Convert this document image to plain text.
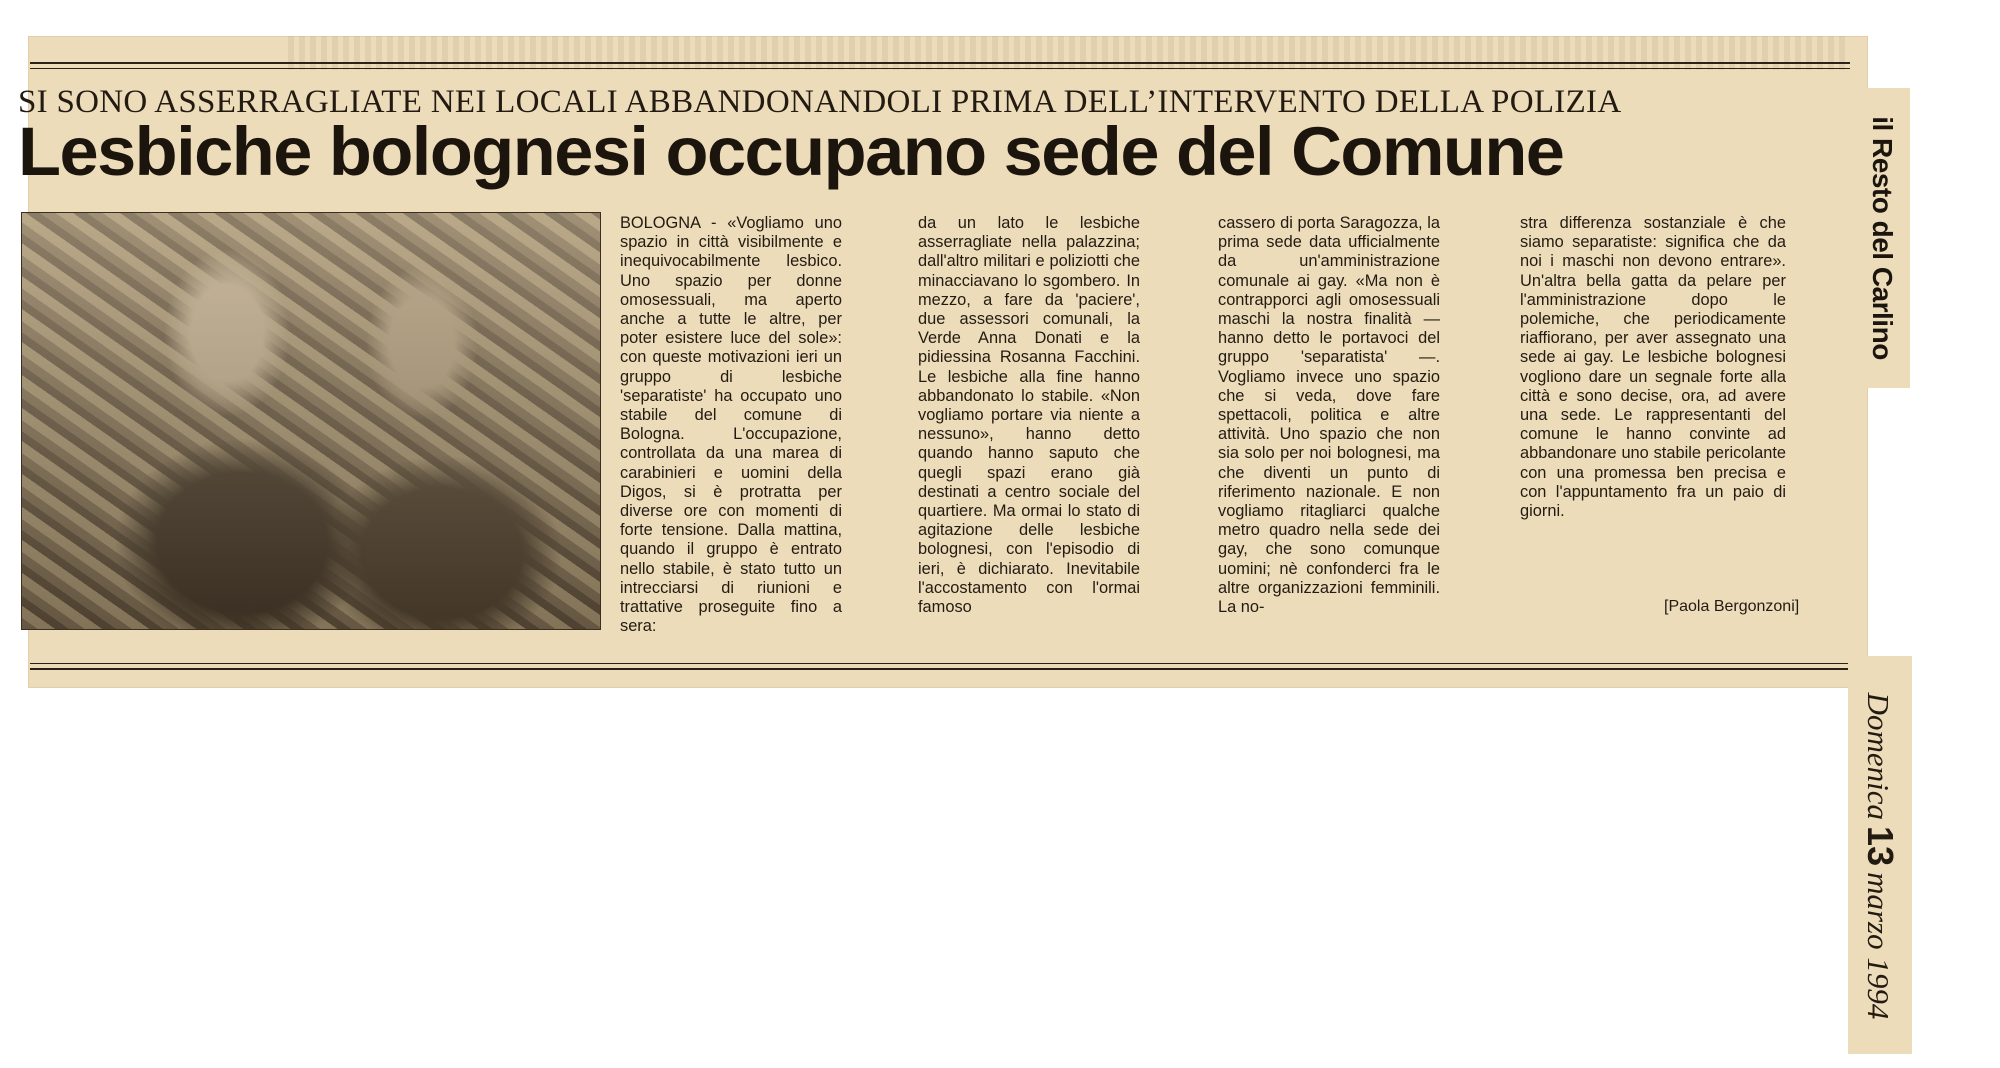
SI SONO ASSERRAGLIATE NEI LOCALI ABBANDONANDOLI PRIMA DELL’INTERVENTO DELLA POLIZIA
Lesbiche bolognesi occupano sede del Comune
BOLOGNA - «Vogliamo uno spazio in città visibilmente e inequivocabilmente lesbico. Uno spazio per donne omosessuali, ma aperto anche a tutte le altre, per poter esistere luce del sole»: con queste motivazioni ieri un gruppo di lesbiche 'separatiste' ha occupato uno stabile del comune di Bologna. L'occupazione, controllata da una marea di carabinieri e uomini della Digos, si è protratta per diverse ore con momenti di forte tensione. Dalla mattina, quando il gruppo è entrato nello stabile, è stato tutto un intrecciarsi di riunioni e trattative proseguite fino a sera:
da un lato le lesbiche asserragliate nella palazzina; dall'altro militari e poliziotti che minacciavano lo sgombero. In mezzo, a fare da 'paciere', due assessori comunali, la Verde Anna Donati e la pidiessina Rosanna Facchini. Le lesbiche alla fine hanno abbandonato lo stabile. «Non vogliamo portare via niente a nessuno», hanno detto quando hanno saputo che quegli spazi erano già destinati a centro sociale del quartiere. Ma ormai lo stato di agitazione delle lesbiche bolognesi, con l'episodio di ieri, è dichiarato. Inevitabile l'accostamento con l'ormai famoso
cassero di porta Saragozza, la prima sede data ufficialmente da un'amministrazione comunale ai gay. «Ma non è contrapporci agli omosessuali maschi la nostra finalità — hanno detto le portavoci del gruppo 'separatista' —. Vogliamo invece uno spazio che si veda, dove fare spettacoli, politica e altre attività. Uno spazio che non sia solo per noi bolognesi, ma che diventi un punto di riferimento nazionale. E non vogliamo ritagliarci qualche metro quadro nella sede dei gay, che sono comunque uomini; nè confonderci fra le altre organizzazioni femminili. La no-
stra differenza sostanziale è che siamo separatiste: significa che da noi i maschi non devono entrare». Un'altra bella gatta da pelare per l'amministrazione dopo le polemiche, che periodicamente riaffiorano, per aver assegnato una sede ai gay. Le lesbiche bolognesi vogliono dare un segnale forte alla città e sono decise, ora, ad avere una sede. Le rappresentanti del comune le hanno convinte ad abbandonare uno stabile pericolante con una promessa ben precisa e con l'appuntamento fra un paio di giorni.
[Paola Bergonzoni]
il Resto del Carlino
Domenica13marzo 1994
